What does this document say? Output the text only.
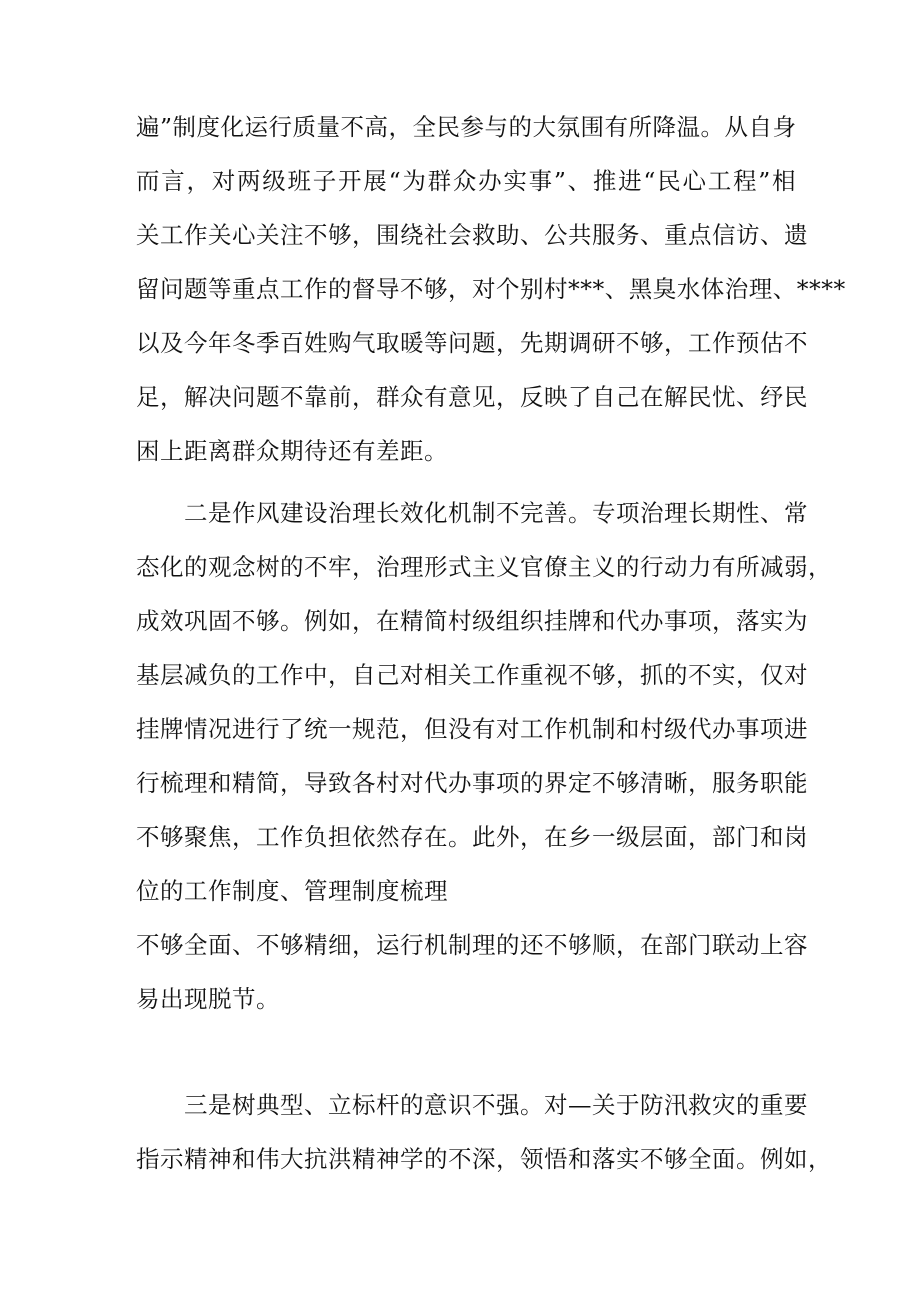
遍”制度化运行质量不高，全民参与的大氛围有所降温。从自身
而言，对两级班子开展“为群众办实事”、推进“民心工程”相
关工作关心关注不够，围绕社会救助、公共服务、重点信访、遗
留问题等重点工作的督导不够，对个别村***、黑臭水体治理、****
以及今年冬季百姓购气取暖等问题，先期调研不够，工作预估不
足，解决问题不靠前，群众有意见，反映了自己在解民忧、纾民
困上距离群众期待还有差距。
二是作风建设治理长效化机制不完善。专项治理长期性、常
态化的观念树的不牢，治理形式主义官僚主义的行动力有所减弱，
成效巩固不够。例如，在精简村级组织挂牌和代办事项，落实为
基层减负的工作中，自己对相关工作重视不够，抓的不实，仅对
挂牌情况进行了统一规范，但没有对工作机制和村级代办事项进
行梳理和精简，导致各村对代办事项的界定不够清晰，服务职能
不够聚焦，工作负担依然存在。此外，在乡一级层面，部门和岗
位的工作制度、管理制度梳理
不够全面、不够精细，运行机制理的还不够顺，在部门联动上容
易出现脱节。
三是树典型、立标杆的意识不强。对—关于防汛救灾的重要
指示精神和伟大抗洪精神学的不深，领悟和落实不够全面。例如，
